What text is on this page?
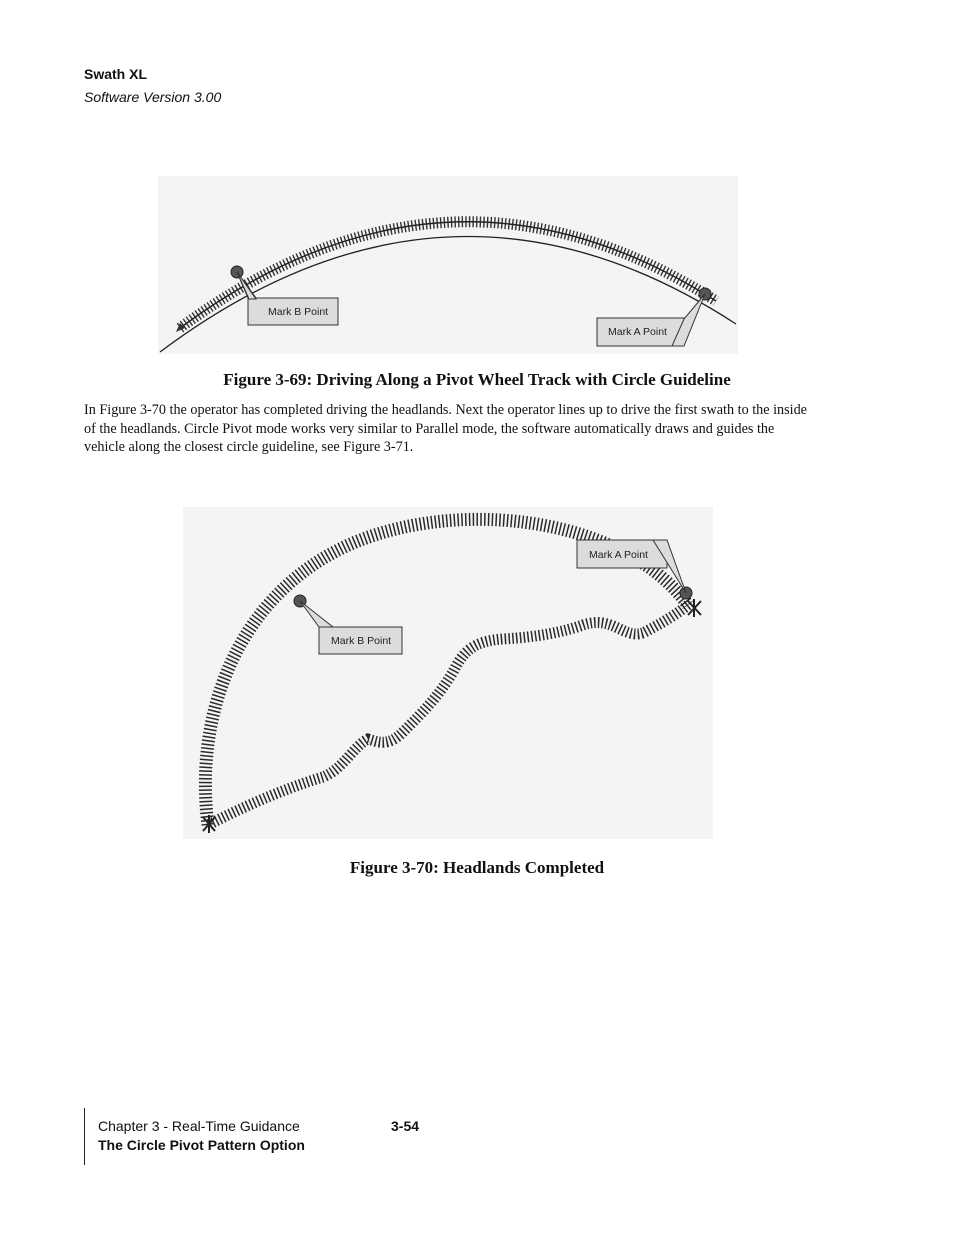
Swath XL
Software Version 3.00
Mark B Point
Mark A Point
Figure 3-69: Driving Along a Pivot Wheel Track with Circle Guideline

In Figure 3-70 the operator has completed driving the headlands. Next the operator lines up to drive the first swath to the inside of the headlands. Circle Pivot mode works very similar to Parallel mode, the software automatically draws and guides the vehicle along the closest circle guideline, see Figure 3-71.

Mark A Point
Mark B Point
Figure 3-70: Headlands Completed
Chapter 3 - Real-Time Guidance
The Circle Pivot Pattern Option
3-54
